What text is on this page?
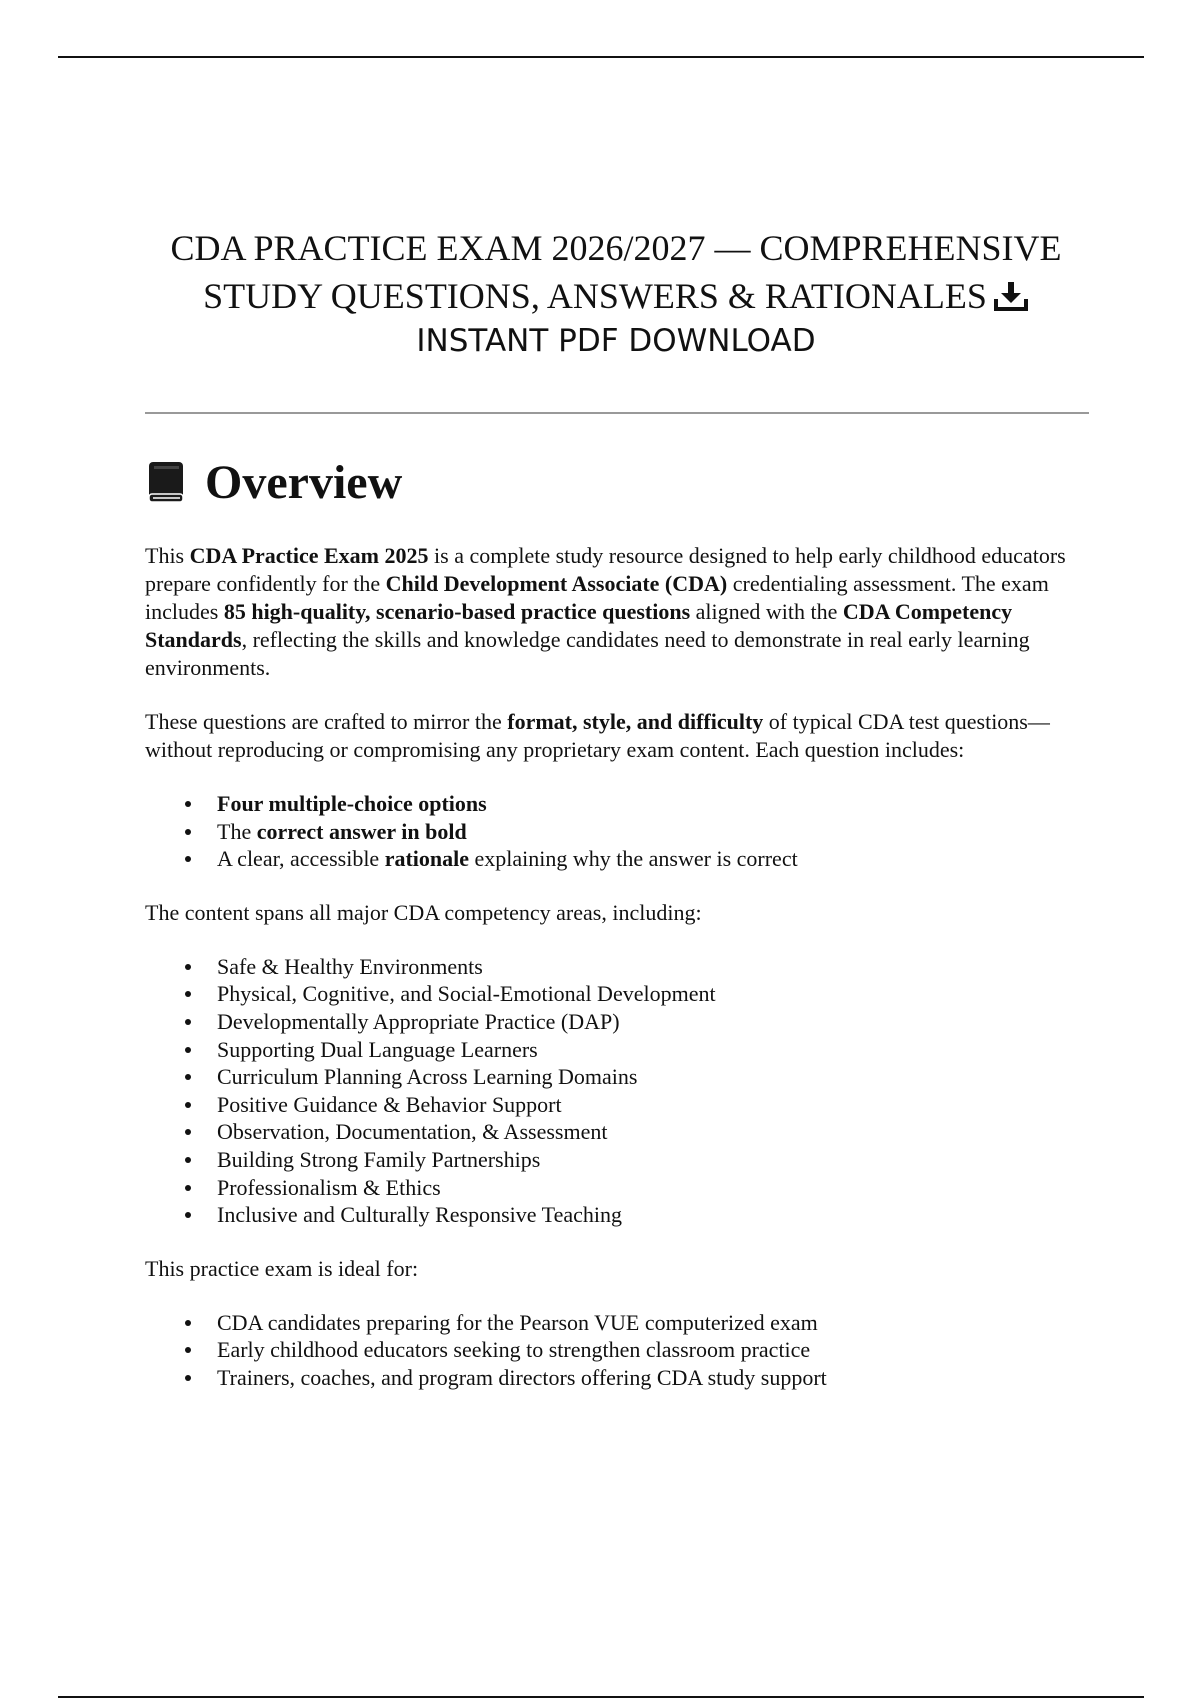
CDA PRACTICE EXAM 2026/2027 — COMPREHENSIVE
STUDY QUESTIONS, ANSWERS & RATIONALES
INSTANT PDF DOWNLOAD
Overview

This CDA Practice Exam 2025 is a complete study resource designed to help early childhood educators prepare confidently for the Child Development Associate (CDA) credentialing assessment. The exam includes 85 high-quality, scenario-based practice questions aligned with the CDA Competency Standards, reflecting the skills and knowledge candidates need to demonstrate in real early learning environments.

These questions are crafted to mirror the format, style, and difficulty of typical CDA test questions—without reproducing or compromising any proprietary exam content. Each question includes:

Four multiple-choice options
The correct answer in bold
A clear, accessible rationale explaining why the answer is correct

The content spans all major CDA competency areas, including:

Safe & Healthy Environments
Physical, Cognitive, and Social-Emotional Development
Developmentally Appropriate Practice (DAP)
Supporting Dual Language Learners
Curriculum Planning Across Learning Domains
Positive Guidance & Behavior Support
Observation, Documentation, & Assessment
Building Strong Family Partnerships
Professionalism & Ethics
Inclusive and Culturally Responsive Teaching

This practice exam is ideal for:

CDA candidates preparing for the Pearson VUE computerized exam
Early childhood educators seeking to strengthen classroom practice
Trainers, coaches, and program directors offering CDA study support
